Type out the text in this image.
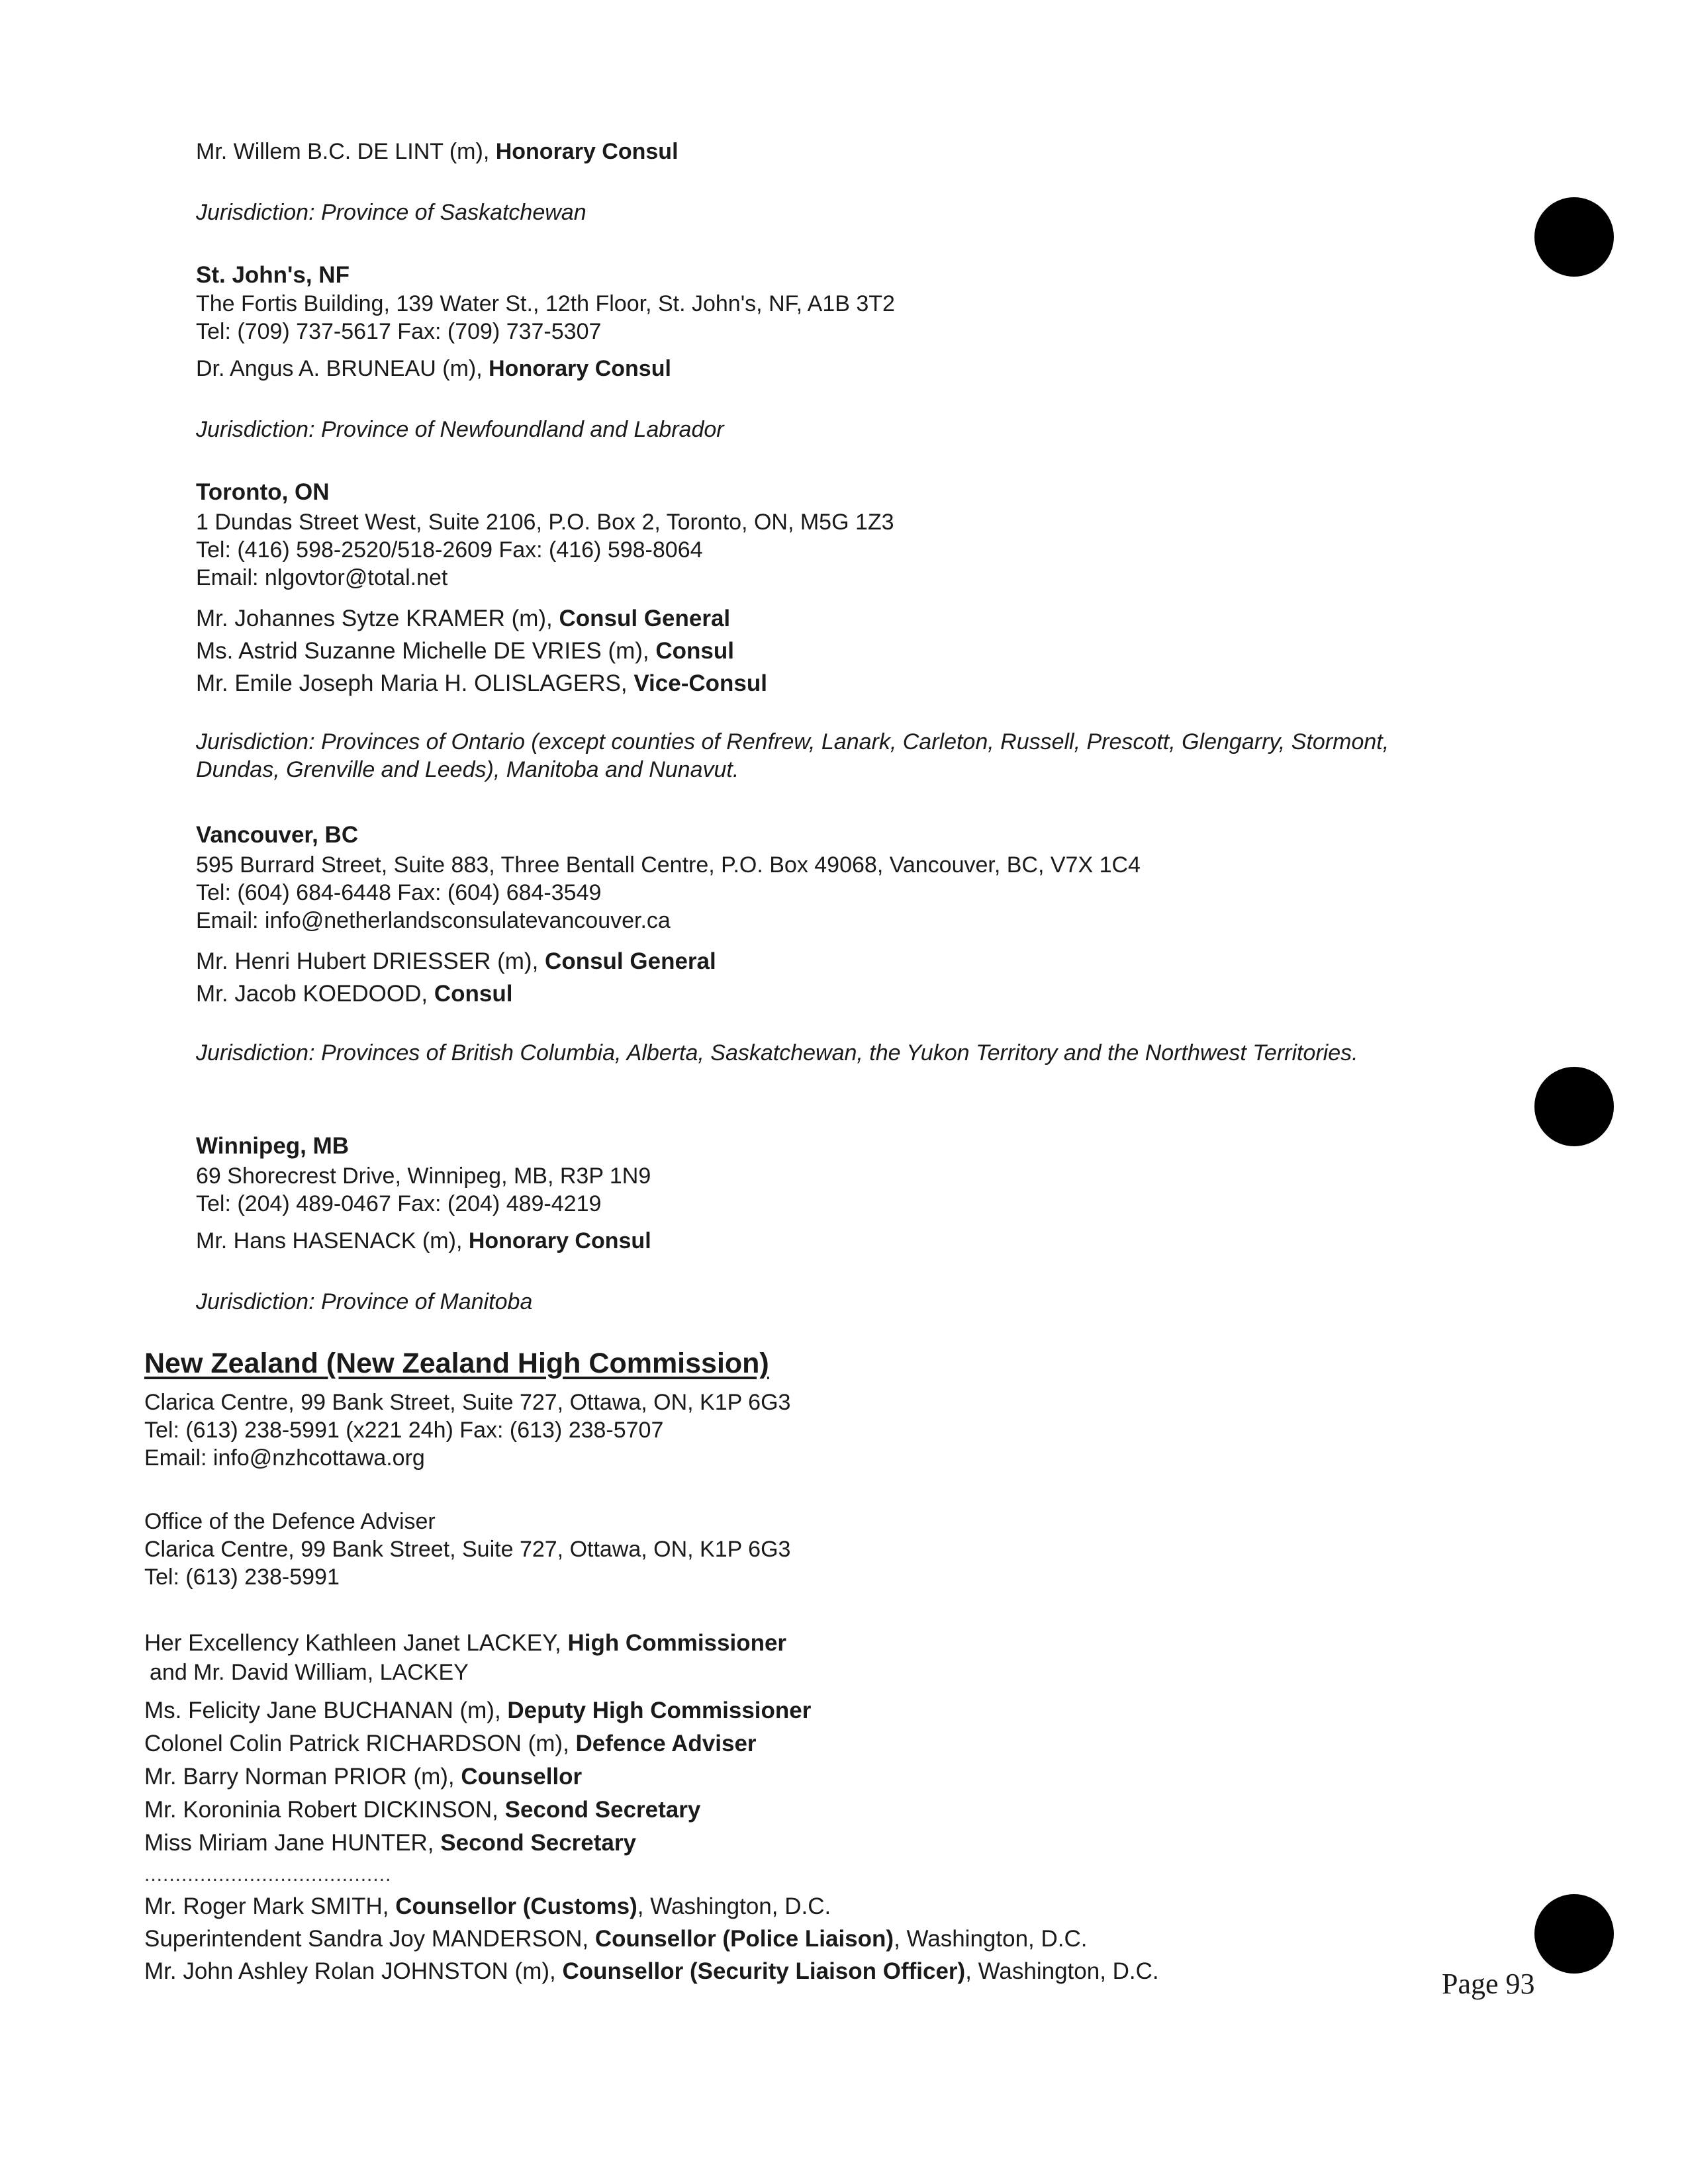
Mr. Willem B.C. DE LINT (m), Honorary Consul
Jurisdiction: Province of Saskatchewan
St. John's, NF
The Fortis Building, 139 Water St., 12th Floor, St. John's, NF, A1B 3T2
Tel: (709) 737-5617 Fax: (709) 737-5307
Dr. Angus A. BRUNEAU (m), Honorary Consul
Jurisdiction: Province of Newfoundland and Labrador
Toronto, ON
1 Dundas Street West, Suite 2106, P.O. Box 2, Toronto, ON, M5G 1Z3
Tel: (416) 598-2520/518-2609 Fax: (416) 598-8064
Email: nlgovtor@total.net
Mr. Johannes Sytze KRAMER (m), Consul General
Ms. Astrid Suzanne Michelle DE VRIES (m), Consul
Mr. Emile Joseph Maria H. OLISLAGERS, Vice-Consul
Jurisdiction: Provinces of Ontario (except counties of Renfrew, Lanark, Carleton, Russell, Prescott, Glengarry, Stormont,
Dundas, Grenville and Leeds), Manitoba and Nunavut.
Vancouver, BC
595 Burrard Street, Suite 883, Three Bentall Centre, P.O. Box 49068, Vancouver, BC, V7X 1C4
Tel: (604) 684-6448 Fax: (604) 684-3549
Email: info@netherlandsconsulatevancouver.ca
Mr. Henri Hubert DRIESSER (m), Consul General
Mr. Jacob KOEDOOD, Consul
Jurisdiction: Provinces of British Columbia, Alberta, Saskatchewan, the Yukon Territory and the Northwest Territories.
Winnipeg, MB
69 Shorecrest Drive, Winnipeg, MB, R3P 1N9
Tel: (204) 489-0467 Fax: (204) 489-4219
Mr. Hans HASENACK (m), Honorary Consul
Jurisdiction: Province of Manitoba
New Zealand (New Zealand High Commission)
Clarica Centre, 99 Bank Street, Suite 727, Ottawa, ON, K1P 6G3
Tel: (613) 238-5991 (x221 24h) Fax: (613) 238-5707
Email: info@nzhcottawa.org
Office of the Defence Adviser
Clarica Centre, 99 Bank Street, Suite 727, Ottawa, ON, K1P 6G3
Tel: (613) 238-5991
Her Excellency Kathleen Janet LACKEY, High Commissioner
and Mr. David William, LACKEY
Ms. Felicity Jane BUCHANAN (m), Deputy High Commissioner
Colonel Colin Patrick RICHARDSON (m), Defence Adviser
Mr. Barry Norman PRIOR (m), Counsellor
Mr. Koroninia Robert DICKINSON, Second Secretary
Miss Miriam Jane HUNTER, Second Secretary
........................................
Mr. Roger Mark SMITH, Counsellor (Customs), Washington, D.C.
Superintendent Sandra Joy MANDERSON, Counsellor (Police Liaison), Washington, D.C.
Mr. John Ashley Rolan JOHNSTON (m), Counsellor (Security Liaison Officer), Washington, D.C.	Page 93
